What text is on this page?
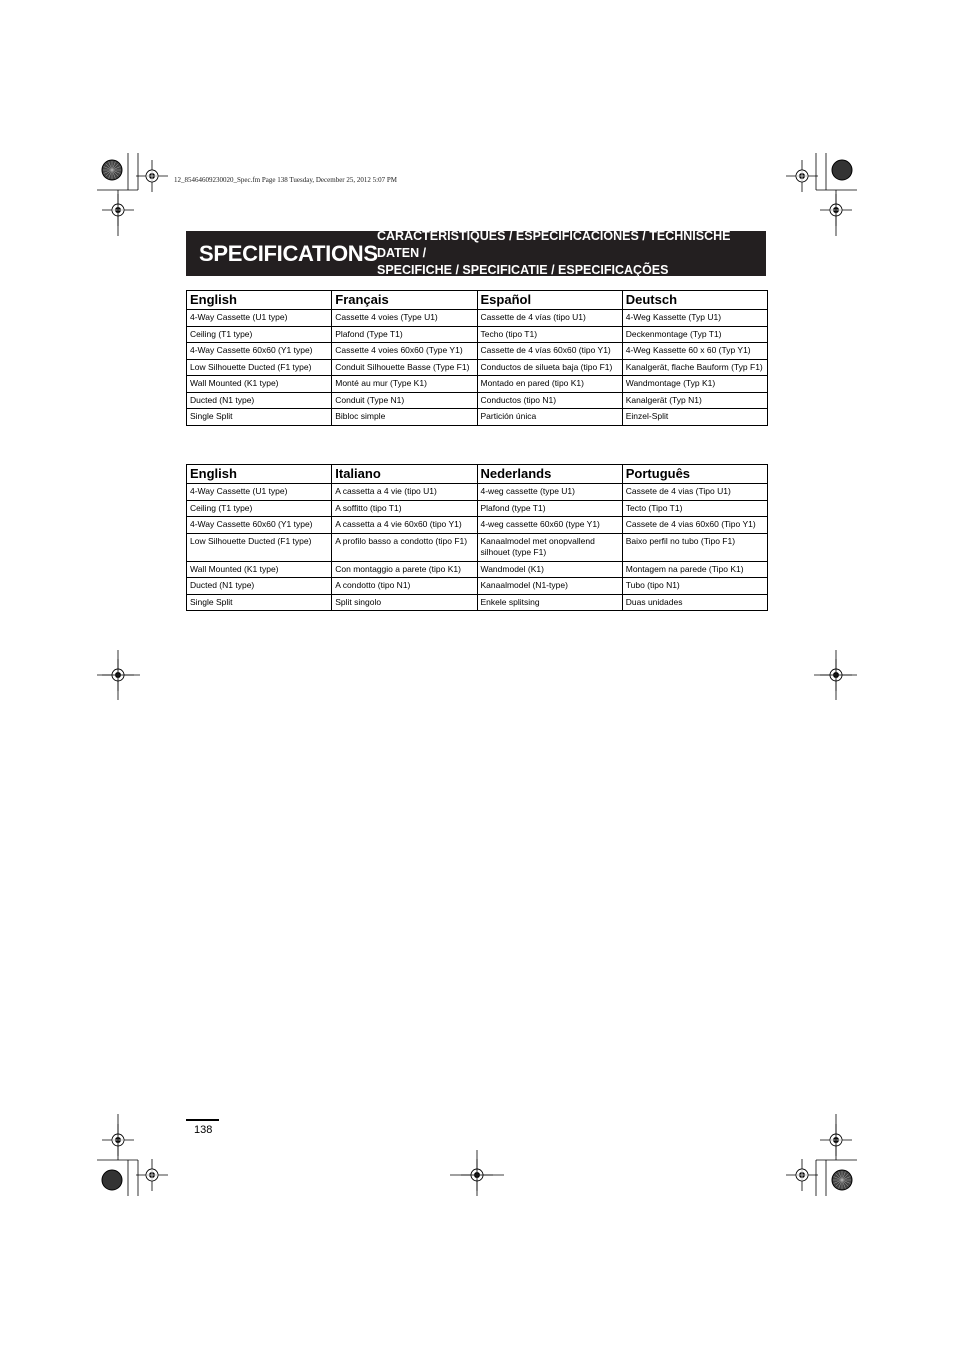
12_85464609230020_Spec.fm Page 138 Tuesday, December 25, 2012 5:07 PM
SPECIFICATIONS
CARACTÉRISTIQUES / ESPECIFICACIONES / TECHNISCHE DATEN /
SPECIFICHE / SPECIFICATIE / ESPECIFICAÇÕES
English	Français	Español	Deutsch
4-Way Cassette (U1 type)	Cassette 4 voies (Type U1)	Cassette de 4 vías (tipo U1)	4-Weg Kassette (Typ U1)
Ceiling (T1 type)	Plafond (Type T1)	Techo (tipo T1)	Deckenmontage (Typ T1)
4-Way Cassette 60x60 (Y1 type)	Cassette 4 voies 60x60 (Type Y1)	Cassette de 4 vías 60x60 (tipo Y1)	4-Weg Kassette 60 x 60 (Typ Y1)
Low Silhouette Ducted (F1 type)	Conduit Silhouette Basse (Type F1)	Conductos de silueta baja (tipo F1)	Kanalgerät, flache Bauform (Typ F1)
Wall Mounted (K1 type)	Monté au mur (Type K1)	Montado en pared (tipo K1)	Wandmontage (Typ K1)
Ducted (N1 type)	Conduit (Type N1)	Conductos (tipo N1)	Kanalgerät (Typ N1)
Single Split	Bibloc simple	Partición única	Einzel-Split
English	Italiano	Nederlands	Português
4-Way Cassette (U1 type)	A cassetta a 4 vie (tipo U1)	4-weg cassette (type U1)	Cassete de 4 vias (Tipo U1)
Ceiling (T1 type)	A soffitto (tipo T1)	Plafond (type T1)	Tecto (Tipo T1)
4-Way Cassette 60x60 (Y1 type)	A cassetta a 4 vie 60x60 (tipo Y1)	4-weg cassette 60x60 (type Y1)	Cassete de 4 vias 60x60 (Tipo Y1)
Low Silhouette Ducted (F1 type)	A profilo basso a condotto (tipo F1)	Kanaalmodel met onopvallend silhouet (type F1)	Baixo perfil no tubo (Tipo F1)
Wall Mounted (K1 type)	Con montaggio a parete (tipo K1)	Wandmodel (K1)	Montagem na parede (Tipo K1)
Ducted (N1 type)	A condotto (tipo N1)	Kanaalmodel (N1-type)	Tubo (tipo N1)
Single Split	Split singolo	Enkele splitsing	Duas unidades
138
